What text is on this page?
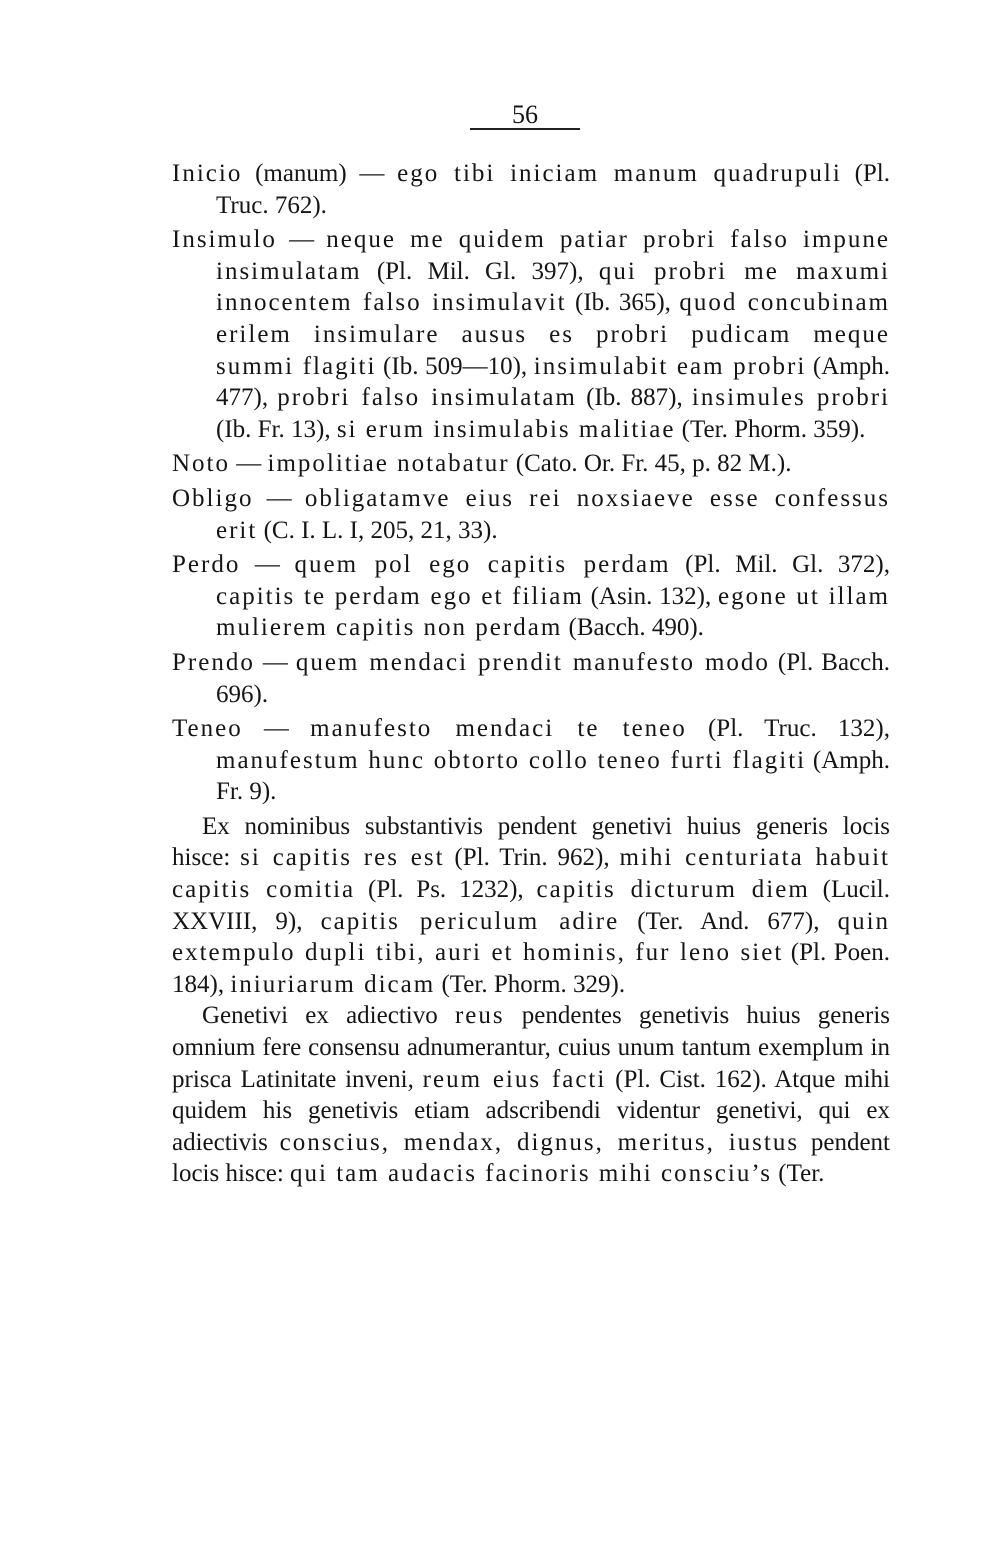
56

Inicio (manum) — ego tibi iniciam manum quadrupuli (Pl. Truc. 762).

Insimulo — neque me quidem patiar probri falso impune insimulatam (Pl. Mil. Gl. 397), qui probri me maxumi innocentem falso insimulavit (Ib. 365), quod concubinam erilem insimulare ausus es probri pudicam meque summi flagiti (Ib. 509—10), insimulabit eam probri (Amph. 477), probri falso insimulatam (Ib. 887), insimules probri (Ib. Fr. 13), si erum insimulabis malitiae (Ter. Phorm. 359).

Noto — impolitiae notabatur (Cato. Or. Fr. 45, p. 82 M.).

Obligo — obligatamve eius rei noxsiaeve esse confessus erit (C. I. L. I, 205, 21, 33).

Perdo — quem pol ego capitis perdam (Pl. Mil. Gl. 372), capitis te perdam ego et filiam (Asin. 132), egone ut illam mulierem capitis non perdam (Bacch. 490).

Prendo — quem mendaci prendit manufesto modo (Pl. Bacch. 696).

Teneo — manufesto mendaci te teneo (Pl. Truc. 132), manufestum hunc obtorto collo teneo furti flagiti (Amph. Fr. 9).

Ex nominibus substantivis pendent genetivi huius generis locis hisce: si capitis res est (Pl. Trin. 962), mihi centuriata habuit capitis comitia (Pl. Ps. 1232), capitis dicturum diem (Lucil. XXVIII, 9), capitis periculum adire (Ter. And. 677), quin extempulo dupli tibi, auri et hominis, fur leno siet (Pl. Poen. 184), iniuriarum dicam (Ter. Phorm. 329).

Genetivi ex adiectivo reus pendentes genetivis huius generis omnium fere consensu adnumerantur, cuius unum tantum exemplum in prisca Latinitate inveni, reum eius facti (Pl. Cist. 162). Atque mihi quidem his genetivis etiam adscribendi videntur genetivi, qui ex adiectivis conscius, mendax, dignus, meritus, iustus pendent locis hisce: qui tam audacis facinoris mihi consciu’s (Ter.
